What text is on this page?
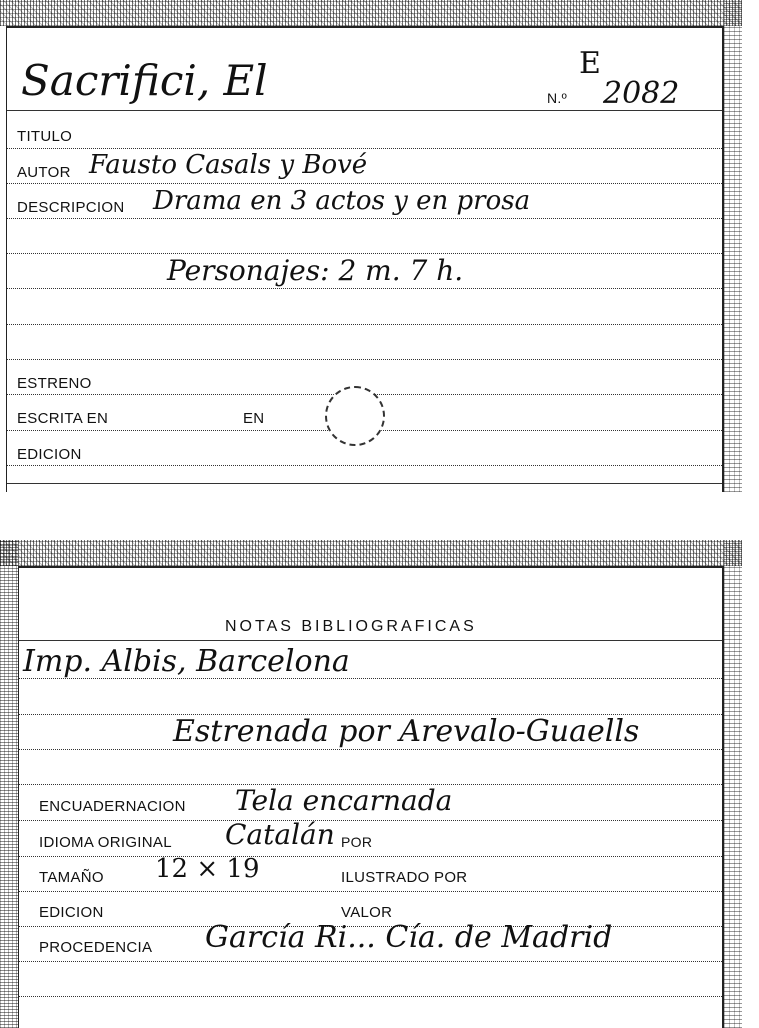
Sacrifici, El	N.º
E
2082
TITULO
AUTOR Fausto Casals y Bové
DESCRIPCION Drama en 3 actos y en prosa
Personajes: 2 m. 7 h.
ESTRENO
ESCRITA EN	EN
EDICION
NOTAS BIBLIOGRAFICAS
Imp. Albis, Barcelona
Estrenada por Arevalo-Guaells
ENCUADERNACION Tela encarnada
IDIOMA ORIGINAL Catalán POR
TAMAÑO 12 × 19	ILUSTRADO POR
EDICION	VALOR
PROCEDENCIA García Ri... Cía. de Madrid
